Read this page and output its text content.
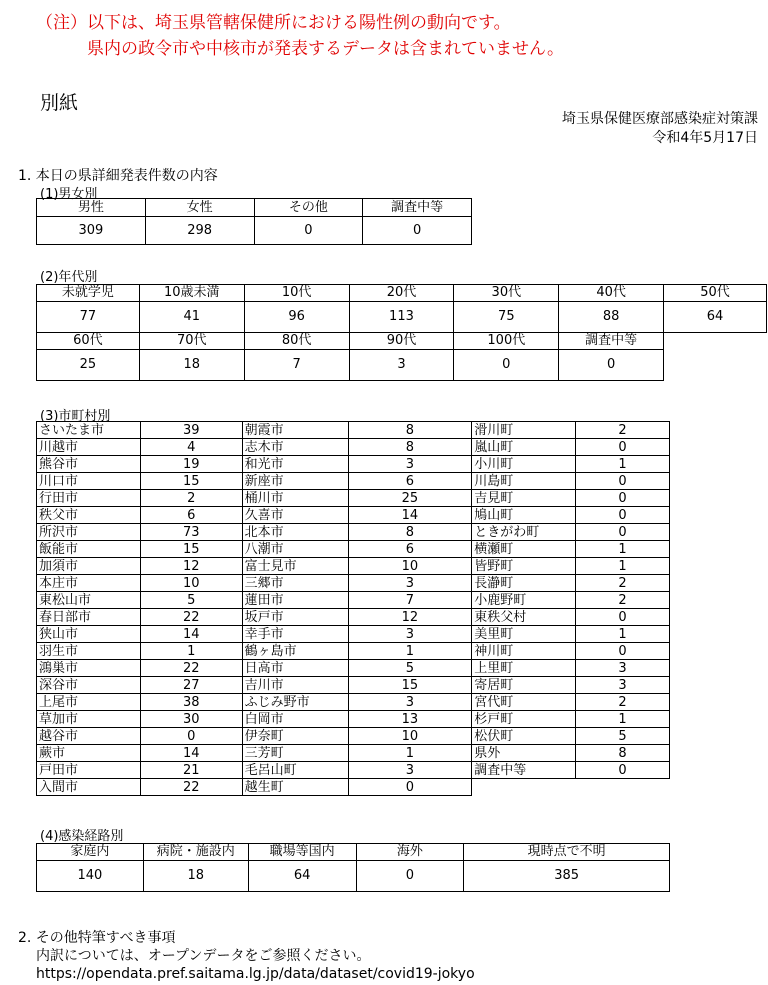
（注）以下は、埼玉県管轄保健所における陽性例の動向です。
　　　県内の政令市や中核市が発表するデータは含まれていません。
別紙
埼玉県保健医療部感染症対策課
令和4年5月17日
1. 本日の県詳細発表件数の内容
(1)男女別
男性	女性	その他	調査中等
309	298	0	0
(2)年代別
未就学児	10歳未満	10代	20代	30代	40代	50代
77	41	96	113	75	88	64
60代	70代	80代	90代	100代	調査中等	
25	18	7	3	0	0	
(3)市町村別
さいたま市	39	朝霞市	8	滑川町	2
川越市	4	志木市	8	嵐山町	0
熊谷市	19	和光市	3	小川町	1
川口市	15	新座市	6	川島町	0
行田市	2	桶川市	25	吉見町	0
秩父市	6	久喜市	14	鳩山町	0
所沢市	73	北本市	8	ときがわ町	0
飯能市	15	八潮市	6	横瀬町	1
加須市	12	富士見市	10	皆野町	1
本庄市	10	三郷市	3	長瀞町	2
東松山市	5	蓮田市	7	小鹿野町	2
春日部市	22	坂戸市	12	東秩父村	0
狭山市	14	幸手市	3	美里町	1
羽生市	1	鶴ヶ島市	1	神川町	0
鴻巣市	22	日高市	5	上里町	3
深谷市	27	吉川市	15	寄居町	3
上尾市	38	ふじみ野市	3	宮代町	2
草加市	30	白岡市	13	杉戸町	1
越谷市	0	伊奈町	10	松伏町	5
蕨市	14	三芳町	1	県外	8
戸田市	21	毛呂山町	3	調査中等	0
入間市	22	越生町	0		
(4)感染経路別
家庭内	病院・施設内	職場等国内	海外	現時点で不明
140	18	64	0	385
2. その他特筆すべき事項
内訳については、オープンデータをご参照ください。
https://opendata.pref.saitama.lg.jp/data/dataset/covid19-jokyo
